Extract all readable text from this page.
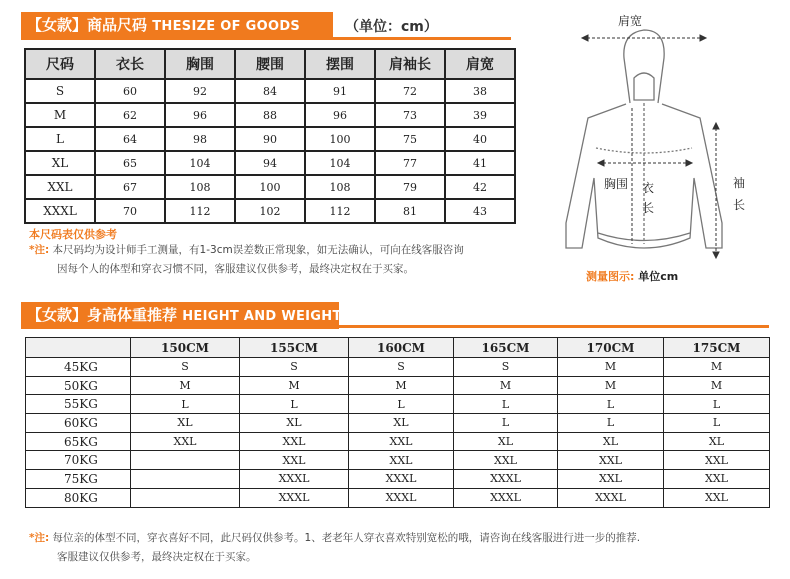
【女款】商品尺码 THESIZE OF GOODS	（单位：cm）
尺码	衣长	胸围	腰围	摆围	肩袖长	肩宽
S	60	92	84	91	72	38
M	62	96	88	96	73	39
L	64	98	90	100	75	40
XL	65	104	94	104	77	41
XXL	67	108	100	108	79	42
XXXL	70	112	102	112	81	43
本尺码表仅供参考
*注: 本尺码均为设计师手工测量，有1-3cm误差数正常现象，如无法确认，可向在线客服咨询
因每个人的体型和穿衣习惯不同，客服建议仅供参考，最终决定权在于买家。
肩宽
胸围 衣长
袖长
测量图示: 单位cm
【女款】身高体重推荐 HEIGHT AND WEIGHT
	150CM	155CM	160CM	165CM	170CM	175CM
45KG	S	S	S	S	M	M
50KG	M	M	M	M	M	M
55KG	L	L	L	L	L	L
60KG	XL	XL	XL	L	L	L
65KG	XXL	XXL	XXL	XL	XL	XL
70KG		XXL	XXL	XXL	XXL	XXL
75KG		XXXL	XXXL	XXXL	XXL	XXL
80KG		XXXL	XXXL	XXXL	XXXL	XXL
*注: 每位亲的体型不同，穿衣喜好不同，此尺码仅供参考。1、老老年人穿衣喜欢特别宽松的哦，请咨询在线客服进行进一步的推荐.
客服建议仅供参考，最终决定权在于买家。
